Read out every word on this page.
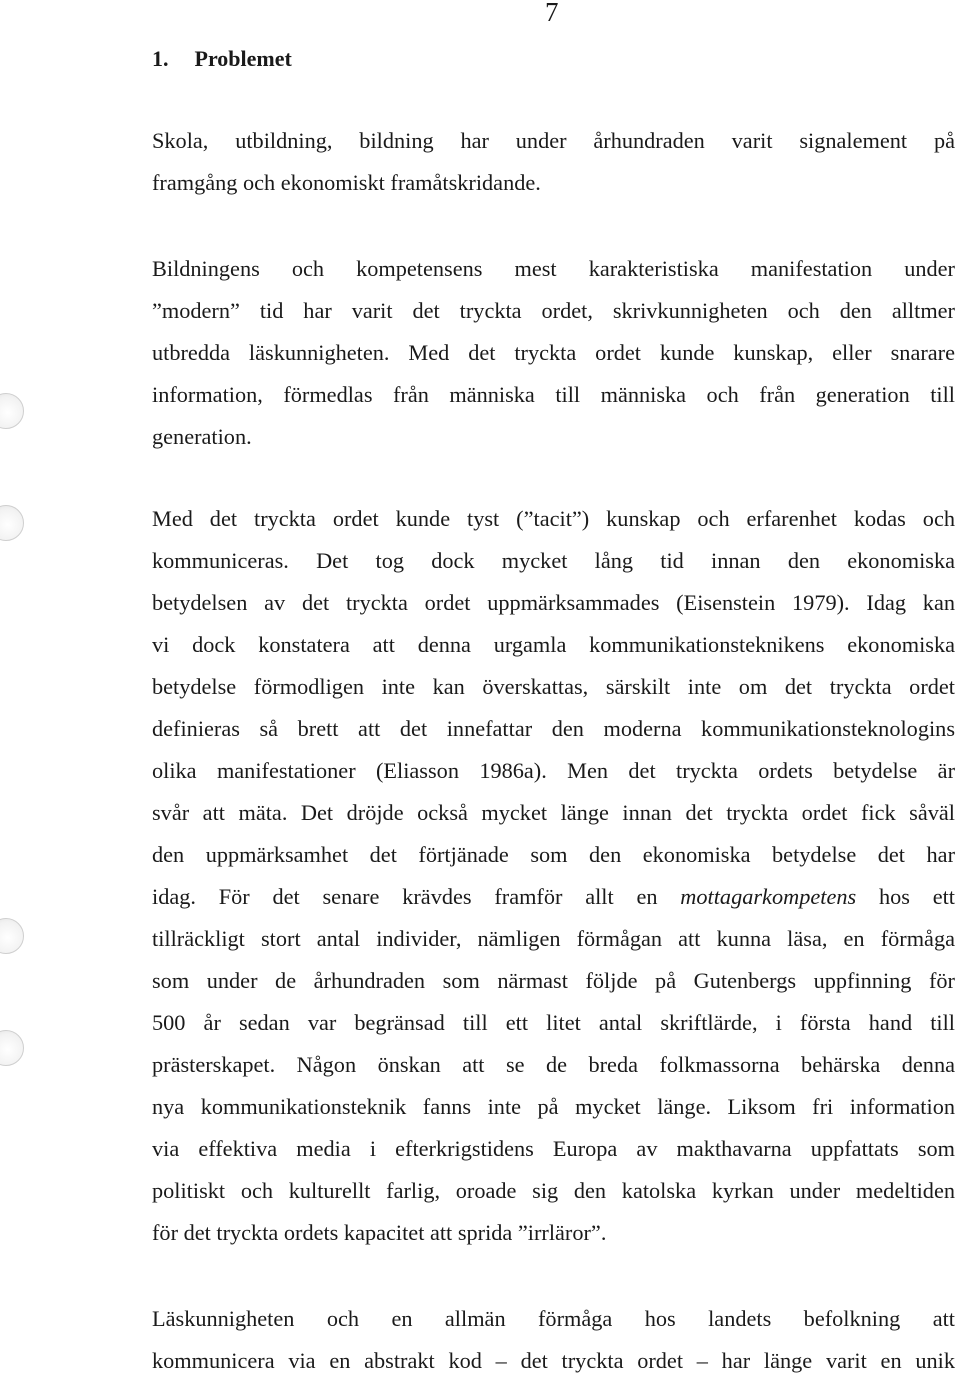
7
1. Problemet
Skola, utbildning, bildning har under århundraden varit signalement på
framgång och ekonomiskt framåtskridande.
Bildningens och kompetensens mest karakteristiska manifestation under
”modern” tid har varit det tryckta ordet, skrivkunnigheten och den alltmer
utbredda läskunnigheten. Med det tryckta ordet kunde kunskap, eller snarare
information, förmedlas från människa till människa och från generation till
generation.
Med det tryckta ordet kunde tyst (”tacit”) kunskap och erfarenhet kodas och
kommuniceras. Det tog dock mycket lång tid innan den ekonomiska
betydelsen av det tryckta ordet uppmärksammades (Eisenstein 1979). Idag kan
vi dock konstatera att denna urgamla kommunikationsteknikens ekonomiska
betydelse förmodligen inte kan överskattas, särskilt inte om det tryckta ordet
definieras så brett att det innefattar den moderna kommunikationsteknologins
olika manifestationer (Eliasson 1986a). Men det tryckta ordets betydelse är
svår att mäta. Det dröjde också mycket länge innan det tryckta ordet fick såväl
den uppmärksamhet det förtjänade som den ekonomiska betydelse det har
idag. För det senare krävdes framför allt en mottagarkompetens hos ett
tillräckligt stort antal individer, nämligen förmågan att kunna läsa, en förmåga
som under de århundraden som närmast följde på Gutenbergs uppfinning för
500 år sedan var begränsad till ett litet antal skriftlärde, i första hand till
prästerskapet. Någon önskan att se de breda folkmassorna behärska denna
nya kommunikationsteknik fanns inte på mycket länge. Liksom fri information
via effektiva media i efterkrigstidens Europa av makthavarna uppfattats som
politiskt och kulturellt farlig, oroade sig den katolska kyrkan under medeltiden
för det tryckta ordets kapacitet att sprida ”irrläror”.
Läskunnigheten och en allmän förmåga hos landets befolkning att
kommunicera via en abstrakt kod – det tryckta ordet – har länge varit en unik
